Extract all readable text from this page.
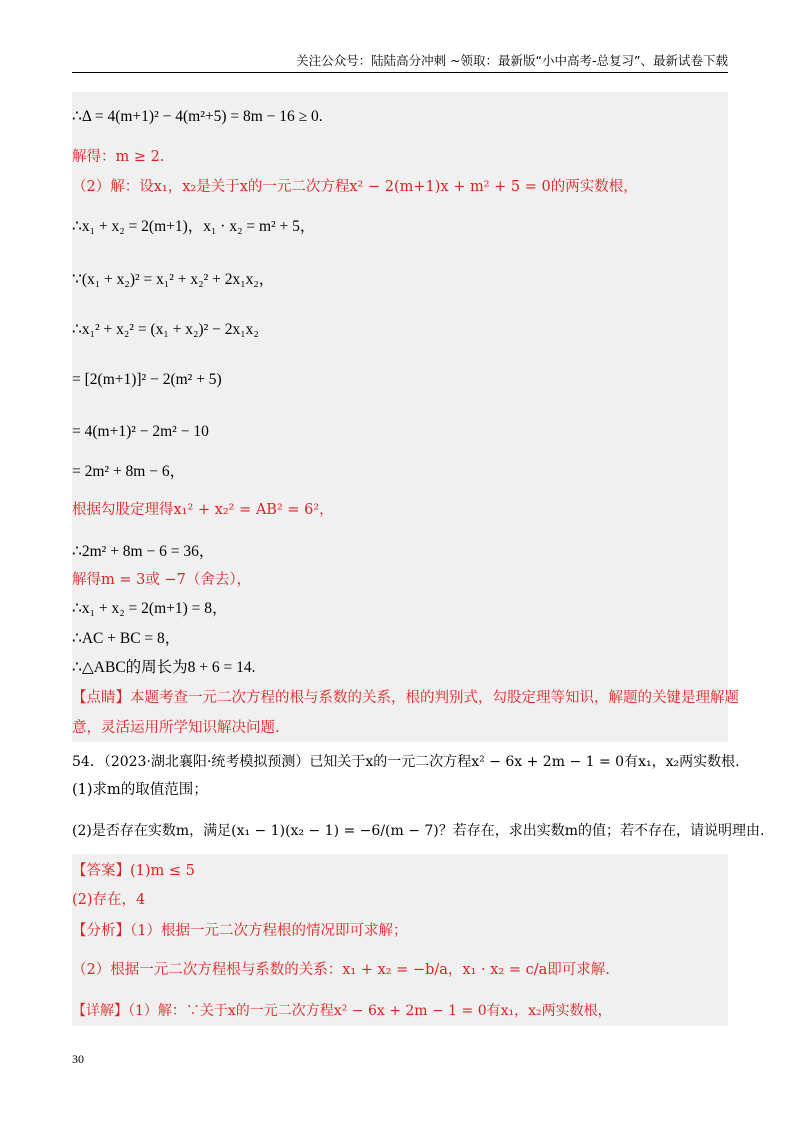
关注公众号：陆陆高分冲刺 ~领取：最新版“小中高考-总复习”、最新试卷下载
∴Δ = 4(m+1)² − 4(m²+5) = 8m − 16 ≥ 0.
解得：m ≥ 2.
（2）解：设x₁，x₂是关于x的一元二次方程x² − 2(m+1)x + m² + 5 = 0的两实数根，
∴x₁ + x₂ = 2(m+1)，x₁ · x₂ = m² + 5，
∵(x₁ + x₂)² = x₁² + x₂² + 2x₁x₂，
∴x₁² + x₂² = (x₁ + x₂)² − 2x₁x₂
= [2(m+1)]² − 2(m² + 5)
= 4(m+1)² − 2m² − 10
= 2m² + 8m − 6，
根据勾股定理得x₁² + x₂² = AB² = 6²，
∴2m² + 8m − 6 = 36，
解得m = 3或 −7（舍去），
∴x₁ + x₂ = 2(m+1) = 8，
∴AC + BC = 8，
∴△ABC的周长为8 + 6 = 14.
【点睛】本题考查一元二次方程的根与系数的关系，根的判别式，勾股定理等知识，解题的关键是理解题
意，灵活运用所学知识解决问题.
54．（2023·湖北襄阳·统考模拟预测）已知关于x的一元二次方程x² − 6x + 2m − 1 = 0有x₁，x₂两实数根.
(1)求m的取值范围；
(2)是否存在实数m，满足(x₁ − 1)(x₂ − 1) = −6/(m − 7)？若存在，求出实数m的值；若不存在，请说明理由.
【答案】(1)m ≤ 5
(2)存在，4
【分析】（1）根据一元二次方程根的情况即可求解；
（2）根据一元二次方程根与系数的关系：x₁ + x₂ = −b/a，x₁ · x₂ = c/a即可求解.
【详解】（1）解：∵关于x的一元二次方程x² − 6x + 2m − 1 = 0有x₁，x₂两实数根，
30
